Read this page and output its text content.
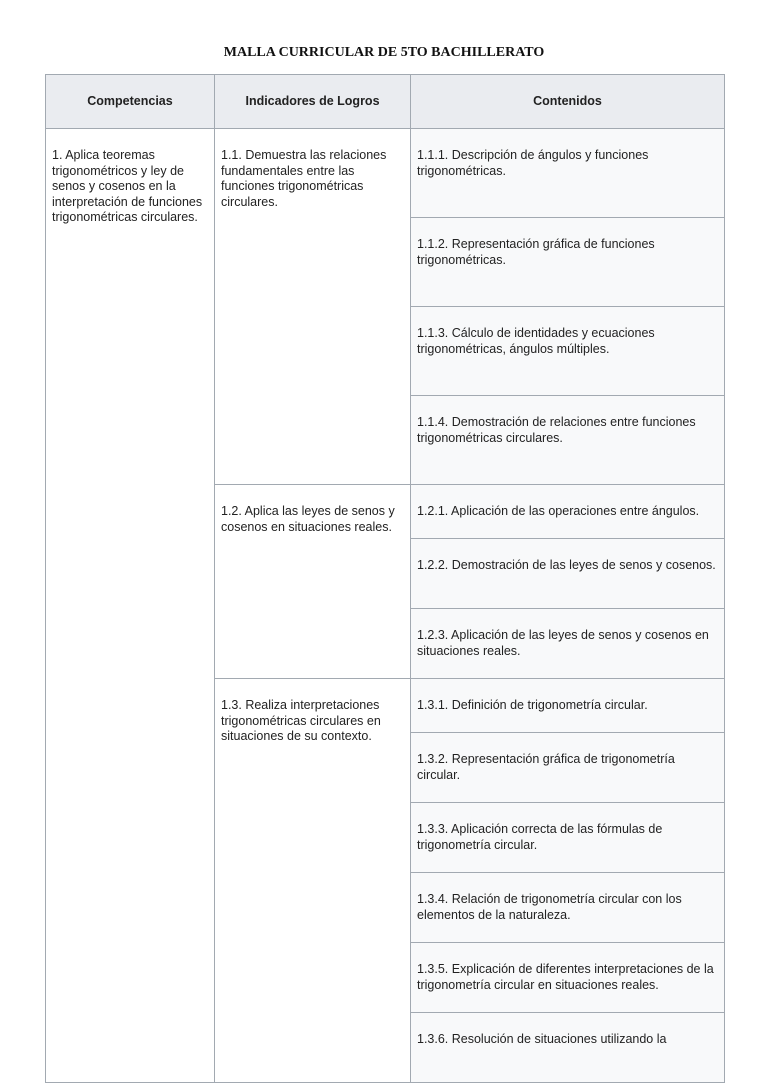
MALLA CURRICULAR DE 5TO BACHILLERATO
Competencias	Indicadores de Logros	Contenidos
1. Aplica teoremas trigonométricos y ley de senos y cosenos en la interpretación de funciones trigonométricas circulares.	1.1. Demuestra las relaciones fundamentales entre las funciones trigonométricas circulares.	1.1.1. Descripción de ángulos y funciones trigonométricas.
		1.1.2. Representación gráfica de funciones trigonométricas.
		1.1.3. Cálculo de identidades y ecuaciones trigonométricas, ángulos múltiples.
		1.1.4. Demostración de relaciones entre funciones trigonométricas circulares.
	1.2. Aplica las leyes de senos y cosenos en situaciones reales.	1.2.1. Aplicación de las operaciones entre ángulos.
		1.2.2. Demostración de las leyes de senos y cosenos.
		1.2.3. Aplicación de las leyes de senos y cosenos en situaciones reales.
	1.3. Realiza interpretaciones trigonométricas circulares en situaciones de su contexto.	1.3.1. Definición de trigonometría circular.
		1.3.2. Representación gráfica de trigonometría circular.
		1.3.3. Aplicación correcta de las fórmulas de trigonometría circular.
		1.3.4. Relación de trigonometría circular con los elementos de la naturaleza.
		1.3.5. Explicación de diferentes interpretaciones de la trigonometría circular en situaciones reales.
		1.3.6. Resolución de situaciones utilizando la
